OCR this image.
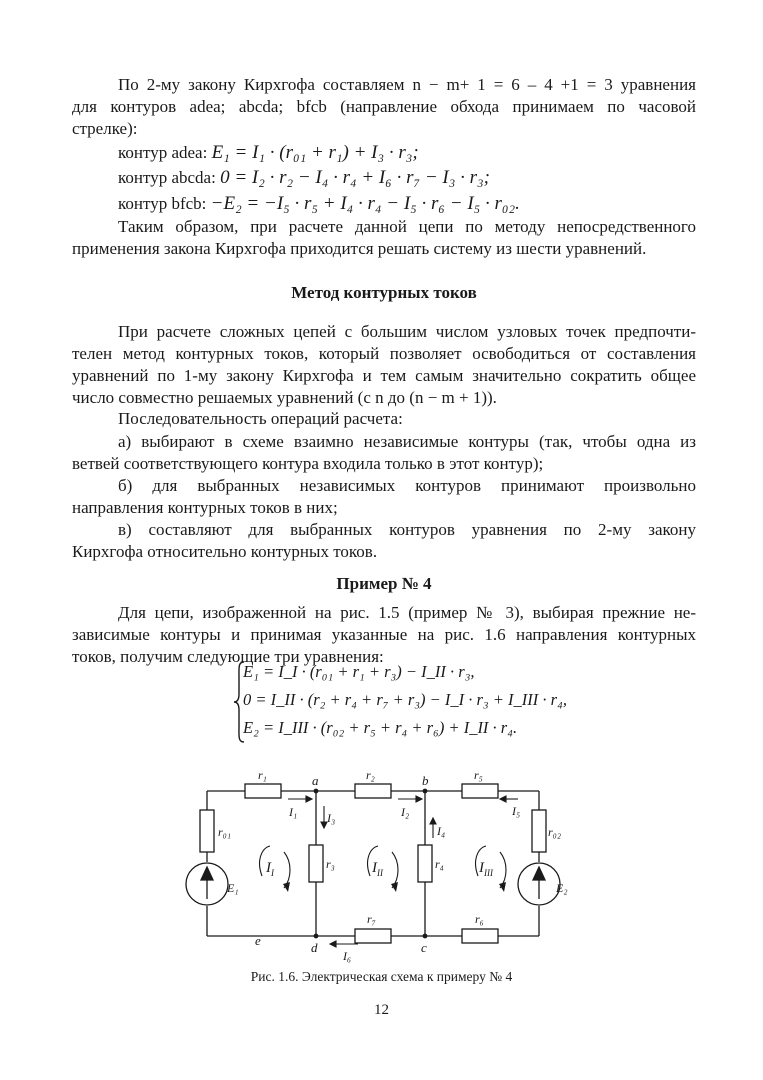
По 2-му закону Кирхгофа составляем n − m+ 1 = 6 – 4 +1 = 3 уравнения
для контуров adea; abcda; bfcb (направление обхода принимаем по часовой
стрелке):
контур adea: E₁ = I₁ · (r₀₁ + r₁) + I₃ · r₃;
контур abcda: 0 = I₂ · r₂ − I₄ · r₄ + I₆ · r₇ − I₃ · r₃;
контур bfcb: −E₂ = −I₅ · r₅ + I₄ · r₄ − I₅ · r₆ − I₅ · r₀₂.
Таким образом, при расчете данной цепи по методу непосредственного
применения закона Кирхгофа приходится решать систему из шести уравнений.
Метод контурных токов
При расчете сложных цепей с большим числом узловых точек предпочти-
телен метод контурных токов, который позволяет освободиться от составления
уравнений по 1-му закону Кирхгофа и тем самым значительно сократить общее
число совместно решаемых уравнений (с n до (n − m + 1)).
Последовательность операций расчета:
а) выбирают в схеме взаимно независимые контуры (так, чтобы одна из
ветвей соответствующего контура входила только в этот контур);
б) для выбранных независимых контуров принимают произвольно
направления контурных токов в них;
в) составляют для выбранных контуров уравнения по 2-му закону
Кирхгофа относительно контурных токов.
Пример № 4
Для цепи, изображенной на рис. 1.5 (пример № 3), выбирая прежние не-
зависимые контуры и принимая указанные на рис. 1.6 направления контурных
токов, получим следующие три уравнения:
E₁ = I_I · (r₀₁ + r₁ + r₃) − I_II · r₃,
0 = I_II · (r₂ + r₄ + r₇ + r₃) − I_I · r₃ + I_III · r₄,
E₂ = I_III · (r₀₂ + r₅ + r₄ + r₆) + I_II · r₄.
r₁	r₂	r₅
r₀₁	r₀₂
r₃	r₄
r₇	r₆
I₁	I₂	I₅
I₃
I₄
I₆
E₁	E₂
$I_I$	$I_{II}$	$I_{III}$
a	b
c
d
e
Рис. 1.6. Электрическая схема к примеру № 4
12
